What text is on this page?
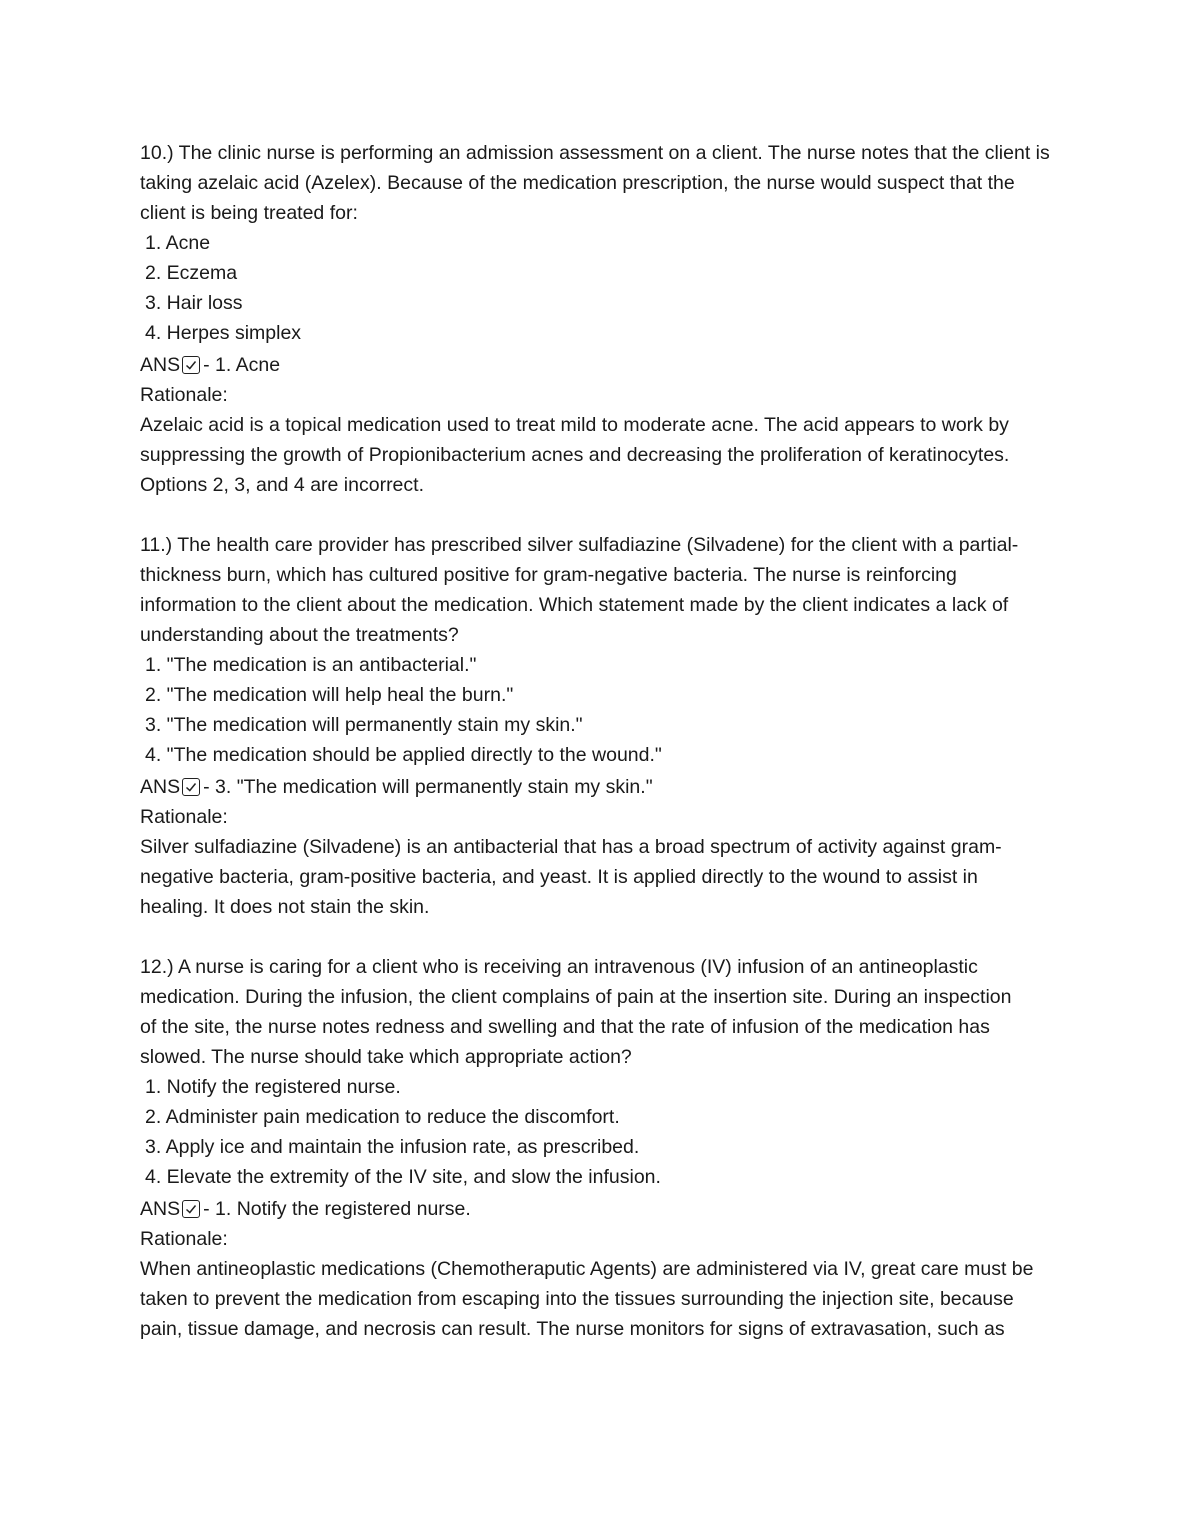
10.) The clinic nurse is performing an admission assessment on a client. The nurse notes that the client is
taking azelaic acid (Azelex). Because of the medication prescription, the nurse would suspect that the
client is being treated for:
1. Acne
2. Eczema
3. Hair loss
4. Herpes simplex
ANS - 1. Acne
Rationale:
Azelaic acid is a topical medication used to treat mild to moderate acne. The acid appears to work by
suppressing the growth of Propionibacterium acnes and decreasing the proliferation of keratinocytes.
Options 2, 3, and 4 are incorrect.
11.) The health care provider has prescribed silver sulfadiazine (Silvadene) for the client with a partial-
thickness burn, which has cultured positive for gram-negative bacteria. The nurse is reinforcing
information to the client about the medication. Which statement made by the client indicates a lack of
understanding about the treatments?
1. "The medication is an antibacterial."
2. "The medication will help heal the burn."
3. "The medication will permanently stain my skin."
4. "The medication should be applied directly to the wound."
ANS - 3. "The medication will permanently stain my skin."
Rationale:
Silver sulfadiazine (Silvadene) is an antibacterial that has a broad spectrum of activity against gram-
negative bacteria, gram-positive bacteria, and yeast. It is applied directly to the wound to assist in
healing. It does not stain the skin.
12.) A nurse is caring for a client who is receiving an intravenous (IV) infusion of an antineoplastic
medication. During the infusion, the client complains of pain at the insertion site. During an inspection
of the site, the nurse notes redness and swelling and that the rate of infusion of the medication has
slowed. The nurse should take which appropriate action?
1. Notify the registered nurse.
2. Administer pain medication to reduce the discomfort.
3. Apply ice and maintain the infusion rate, as prescribed.
4. Elevate the extremity of the IV site, and slow the infusion.
ANS - 1. Notify the registered nurse.
Rationale:
When antineoplastic medications (Chemotheraputic Agents) are administered via IV, great care must be
taken to prevent the medication from escaping into the tissues surrounding the injection site, because
pain, tissue damage, and necrosis can result. The nurse monitors for signs of extravasation, such as
